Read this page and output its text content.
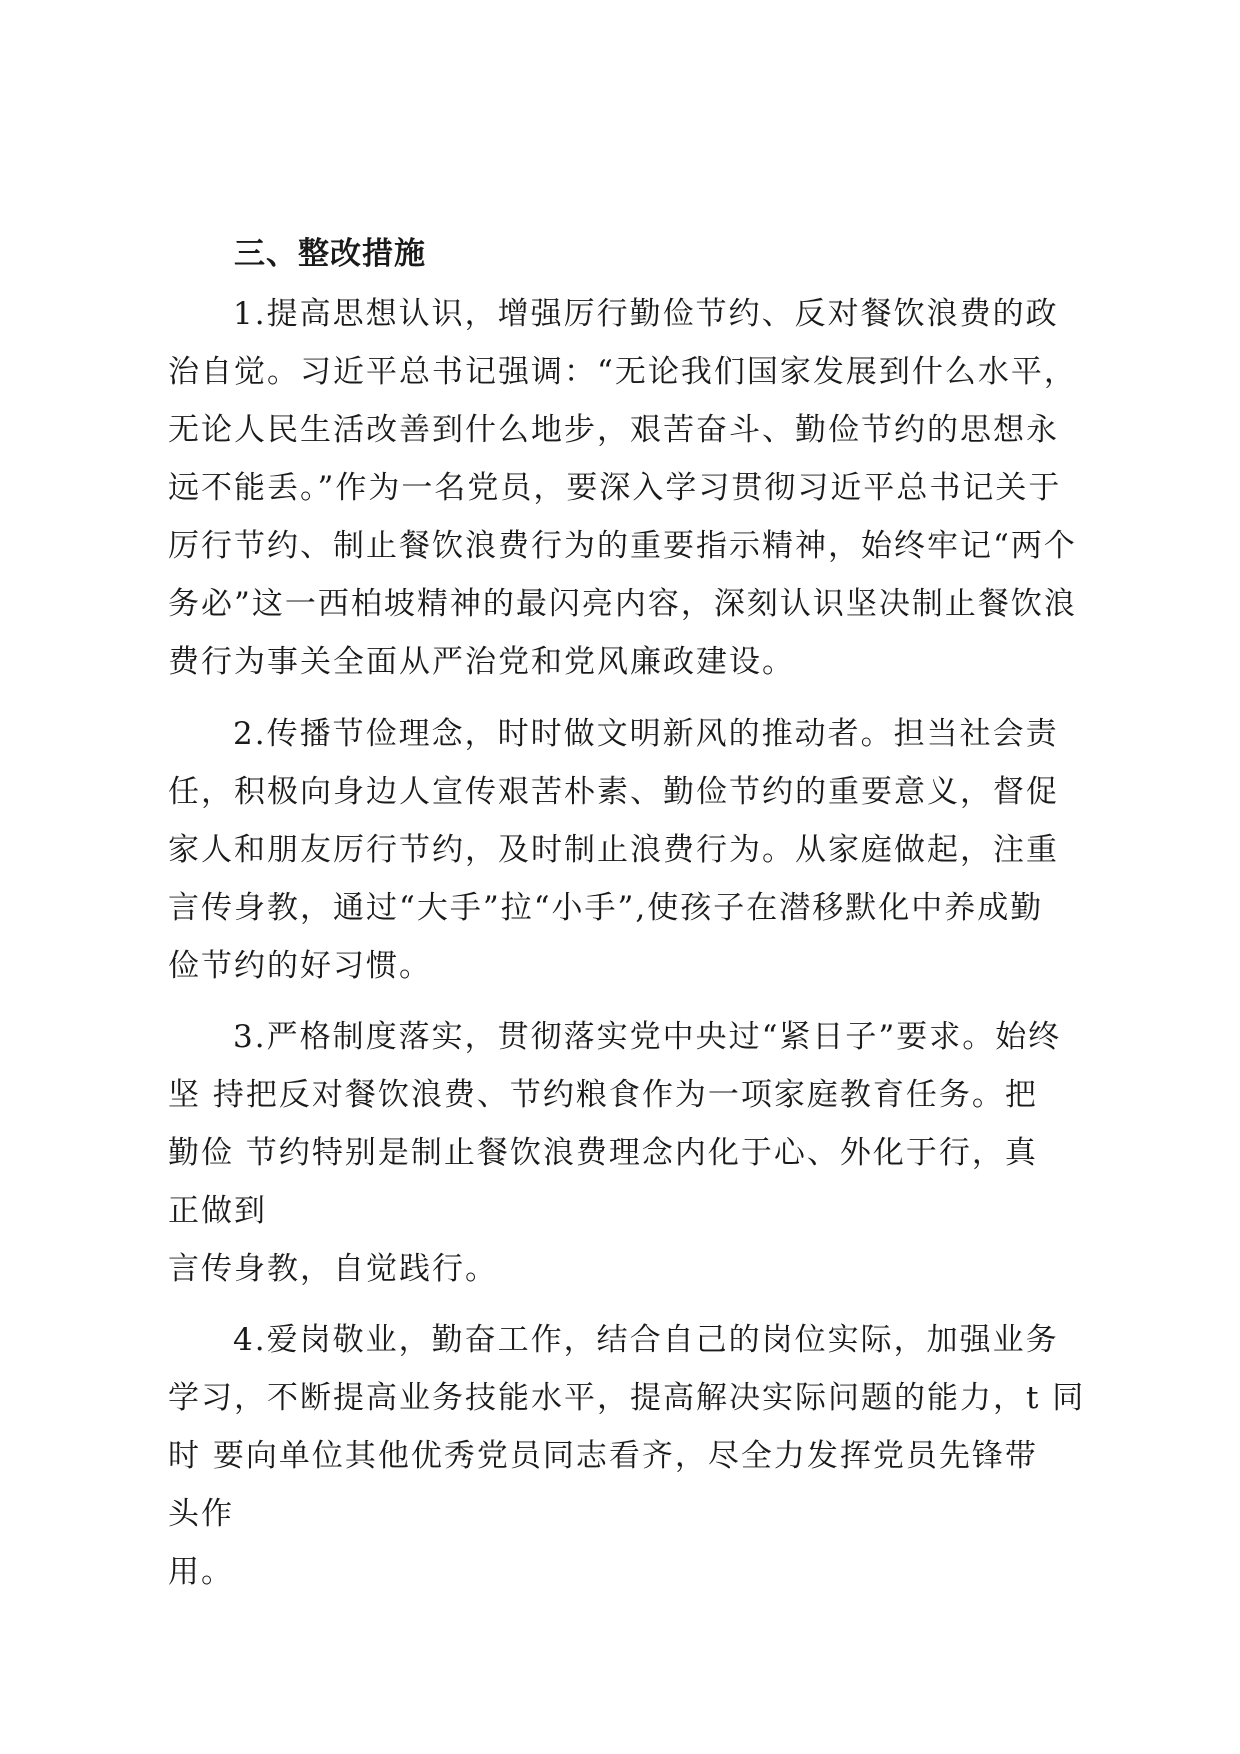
三、整改措施
1.提高思想认识，增强厉行勤俭节约、反对餐饮浪费的政
治自觉。习近平总书记强调：“无论我们国家发展到什么水平，
无论人民生活改善到什么地步，艰苦奋斗、勤俭节约的思想永
远不能丢。”作为一名党员，要深入学习贯彻习近平总书记关于
厉行节约、制止餐饮浪费行为的重要指示精神，始终牢记“两个
务必”这一西柏坡精神的最闪亮内容，深刻认识坚决制止餐饮浪
费行为事关全面从严治党和党风廉政建设。
2.传播节俭理念，时时做文明新风的推动者。担当社会责
任，积极向身边人宣传艰苦朴素、勤俭节约的重要意义，督促
家人和朋友厉行节约，及时制止浪费行为。从家庭做起，注重
言传身教，通过“大手”拉“小手”,使孩子在潜移默化中养成勤
俭节约的好习惯。
3.严格制度落实，贯彻落实党中央过“紧日子”要求。始终
坚 持把反对餐饮浪费、节约粮食作为一项家庭教育任务。把
勤俭 节约特别是制止餐饮浪费理念内化于心、外化于行，真
正做到
言传身教，自觉践行。
4.爱岗敬业，勤奋工作，结合自己的岗位实际，加强业务
学习，不断提高业务技能水平，提高解决实际问题的能力，t 同
时 要向单位其他优秀党员同志看齐，尽全力发挥党员先锋带
头作
用。
